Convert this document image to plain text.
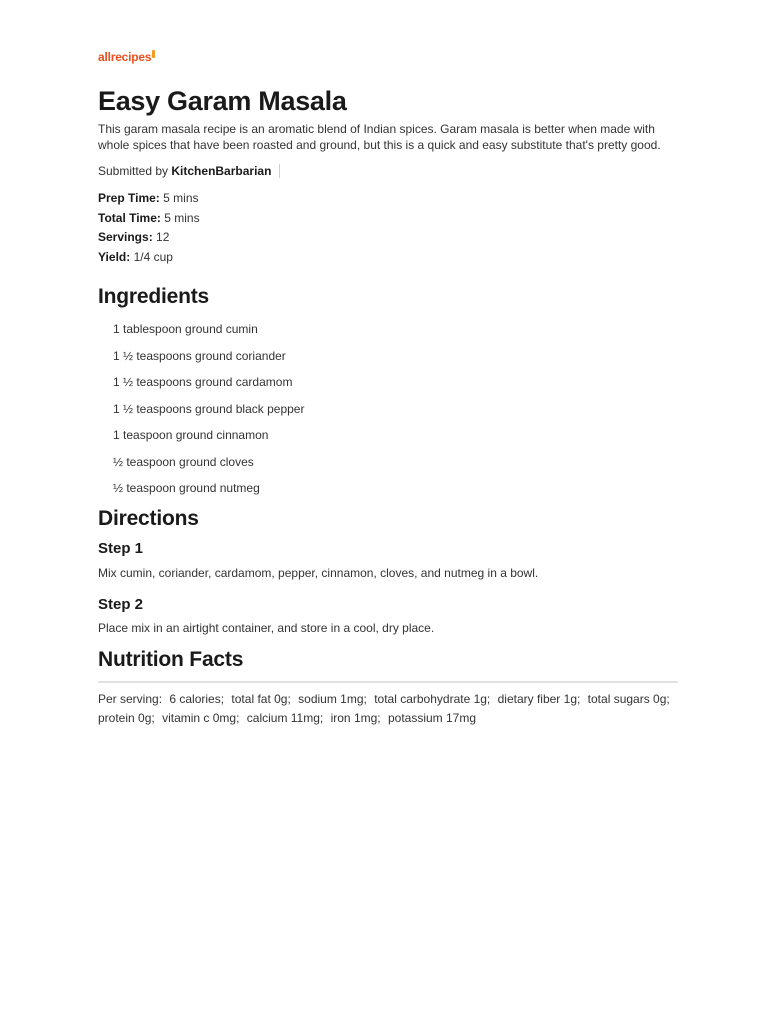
allrecipes
Easy Garam Masala
This garam masala recipe is an aromatic blend of Indian spices. Garam masala is better when made with whole spices that have been roasted and ground, but this is a quick and easy substitute that's pretty good.
Submitted by KitchenBarbarian
Prep Time: 5 mins
Total Time: 5 mins
Servings: 12
Yield: 1/4 cup
Ingredients
1 tablespoon ground cumin
1 ½ teaspoons ground coriander
1 ½ teaspoons ground cardamom
1 ½ teaspoons ground black pepper
1 teaspoon ground cinnamon
½ teaspoon ground cloves
½ teaspoon ground nutmeg
Directions
Step 1
Mix cumin, coriander, cardamom, pepper, cinnamon, cloves, and nutmeg in a bowl.
Step 2
Place mix in an airtight container, and store in a cool, dry place.
Nutrition Facts
Per serving: 6 calories; total fat 0g; sodium 1mg; total carbohydrate 1g; dietary fiber 1g; total sugars 0g; protein 0g; vitamin c 0mg; calcium 11mg; iron 1mg; potassium 17mg
